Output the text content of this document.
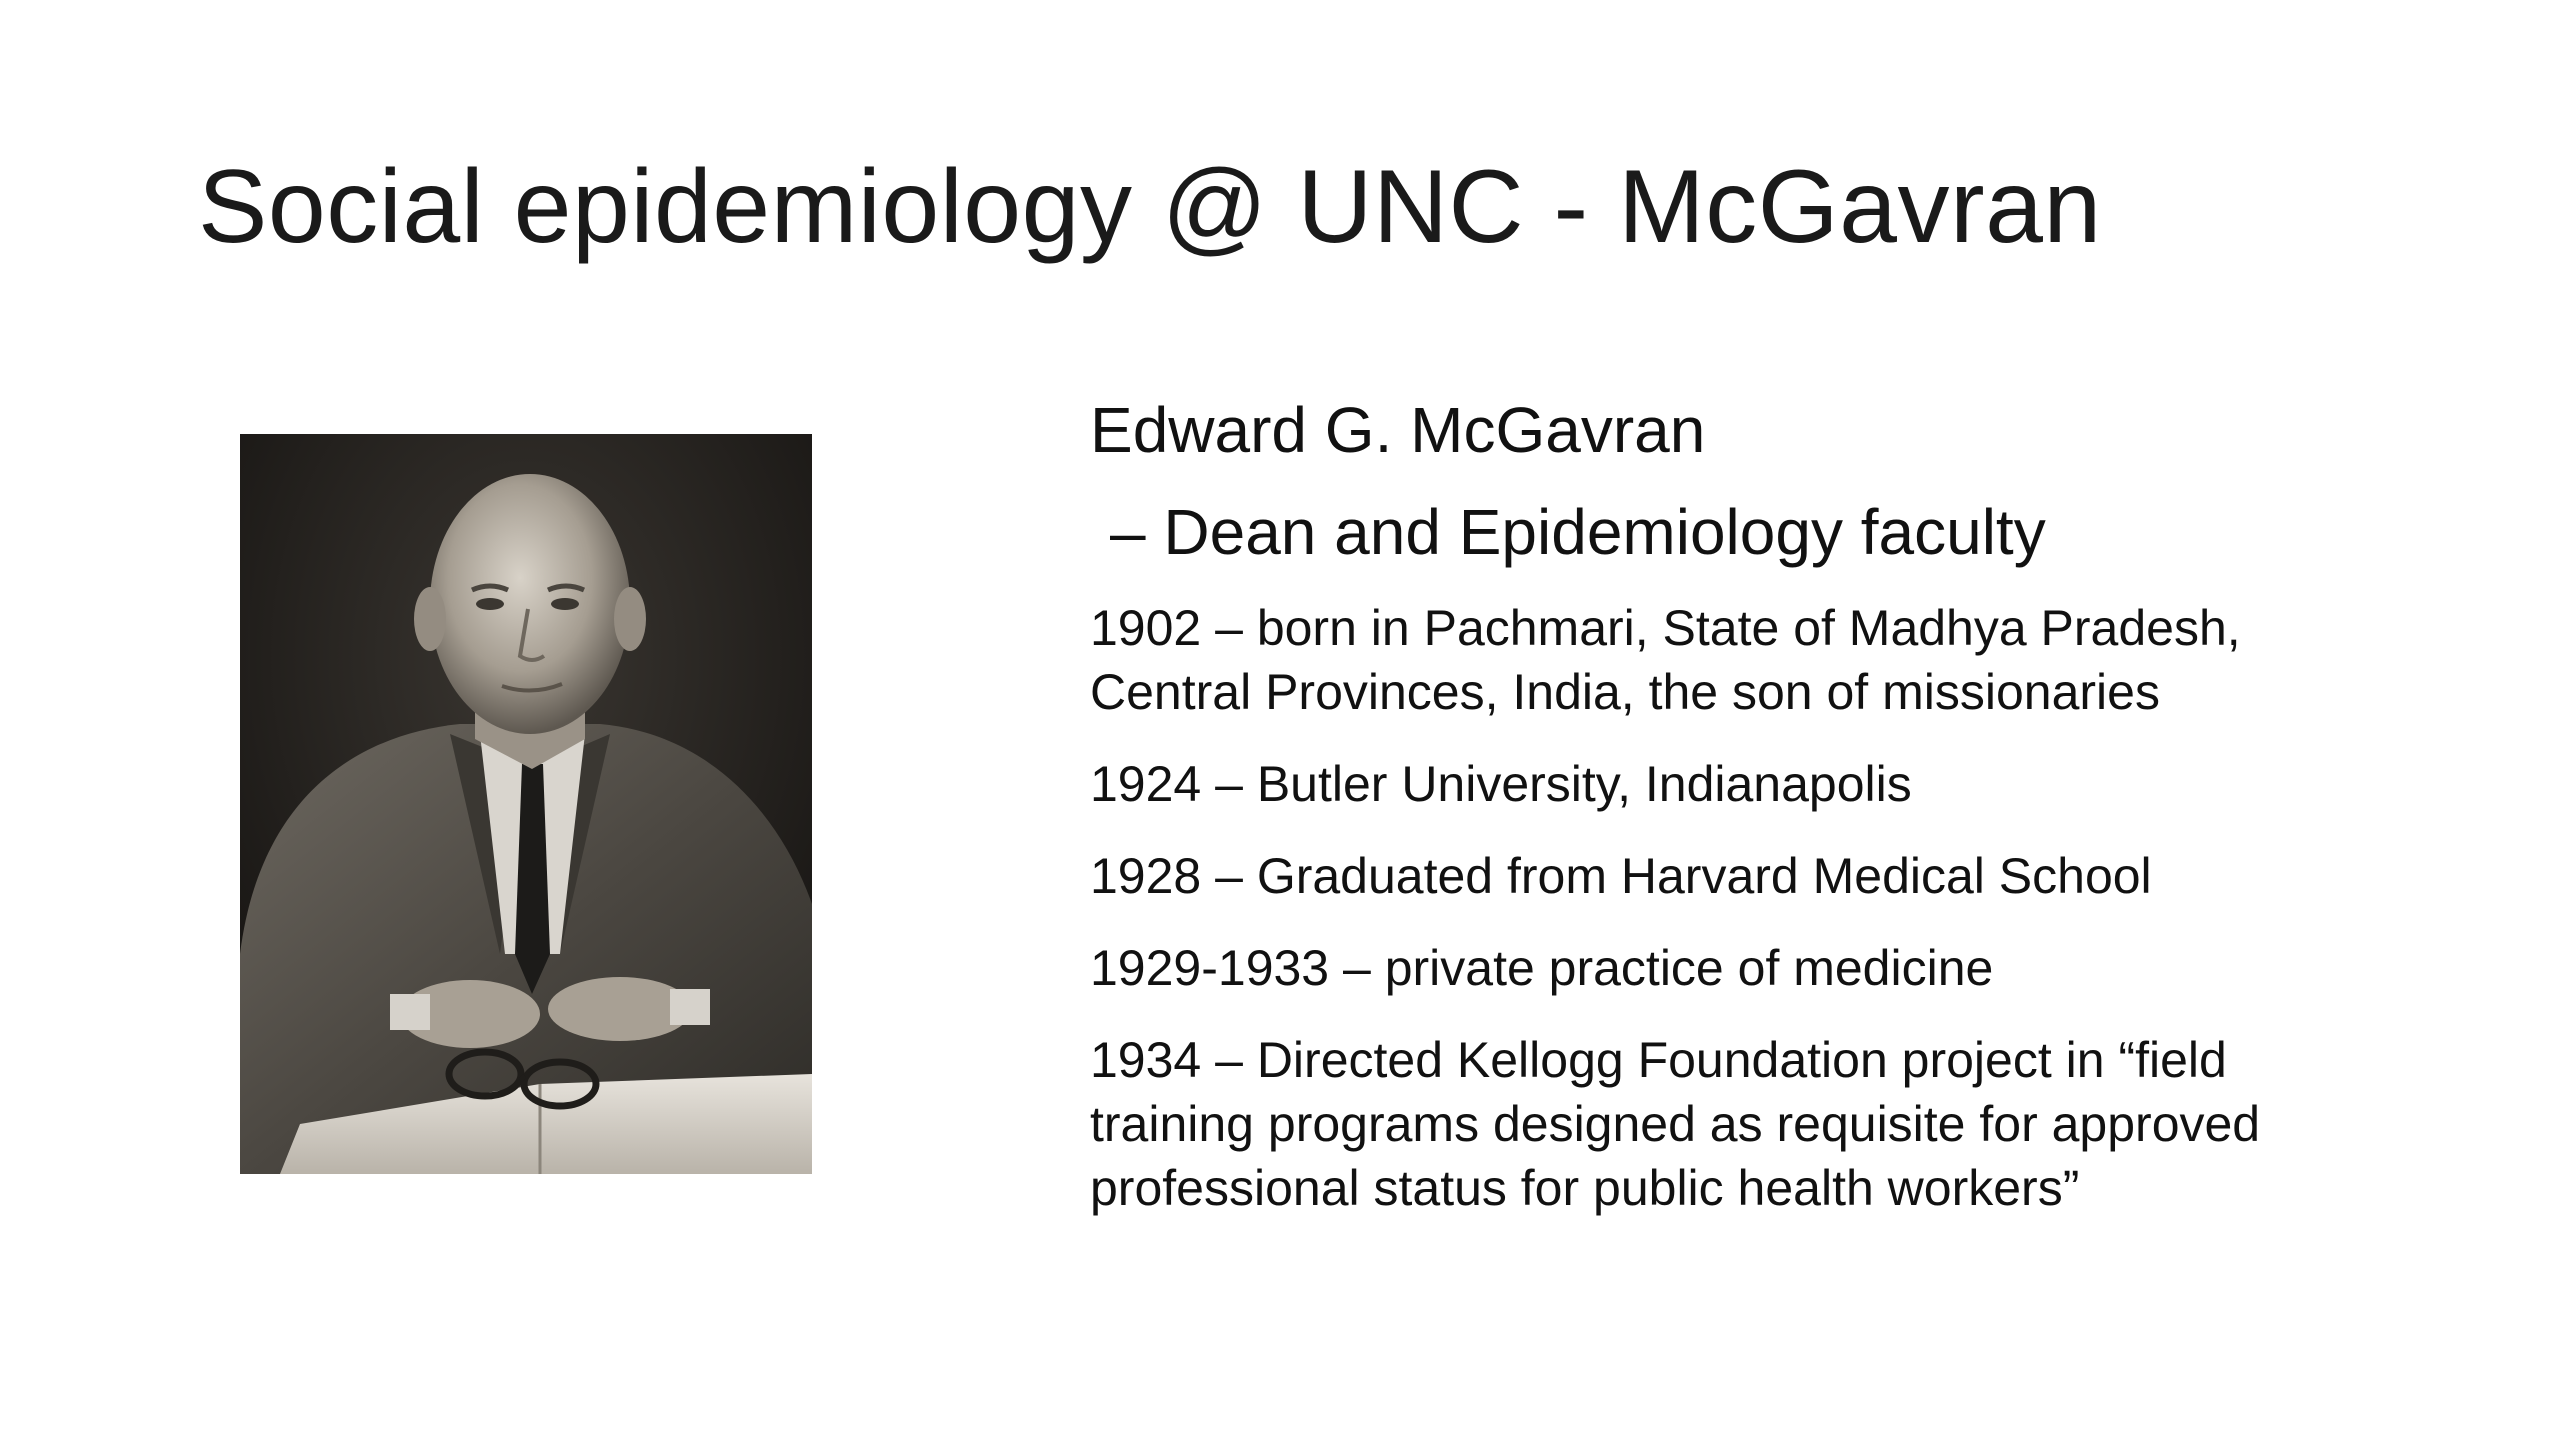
Social epidemiology @ UNC - McGavran
Edward G. McGavran
– Dean and Epidemiology faculty
1902 – born in Pachmari, State of Madhya Pradesh,
Central Provinces, India, the son of missionaries
1924 – Butler University, Indianapolis
1928 – Graduated from Harvard Medical School
1929-1933 – private practice of medicine
1934 – Directed Kellogg Foundation project in “field
training programs designed as requisite for approved
professional status for public health workers”
